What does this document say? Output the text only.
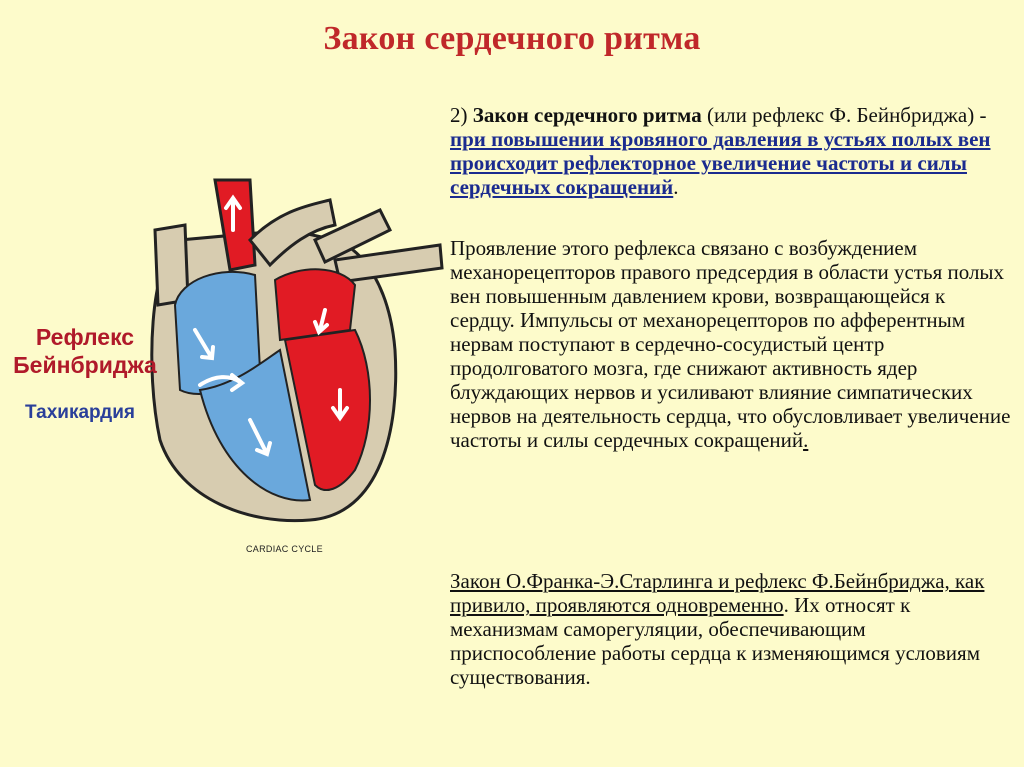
Закон сердечного ритма
2) Закон сердечного ритма (или рефлекс Ф. Бейнбриджа) - при повышении кровяного давления в устьях полых вен происходит рефлекторное увеличение частоты и силы сердечных сокращений.
Проявление этого рефлекса связано с возбуждением механорецепторов правого предсердия в области устья полых вен повышенным давлением крови, возвращающейся к сердцу. Импульсы от механорецепторов по афферентным нервам поступают в сердечно-сосудистый центр продолговатого мозга, где снижают активность ядер блуждающих нервов и усиливают влияние симпатических нервов на деятельность сердца, что обусловливает увеличение частоты и силы сердечных сокращений.
Закон О.Франка-Э.Старлинга и рефлекс Ф.Бейнбриджа, как привило, проявляются одновременно. Их относят к механизмам саморегуляции, обеспечивающим приспособление работы сердца к изменяющимся условиям существования.
Рефлекс Бейнбриджа
Тахикардия
CARDIAC CYCLE
